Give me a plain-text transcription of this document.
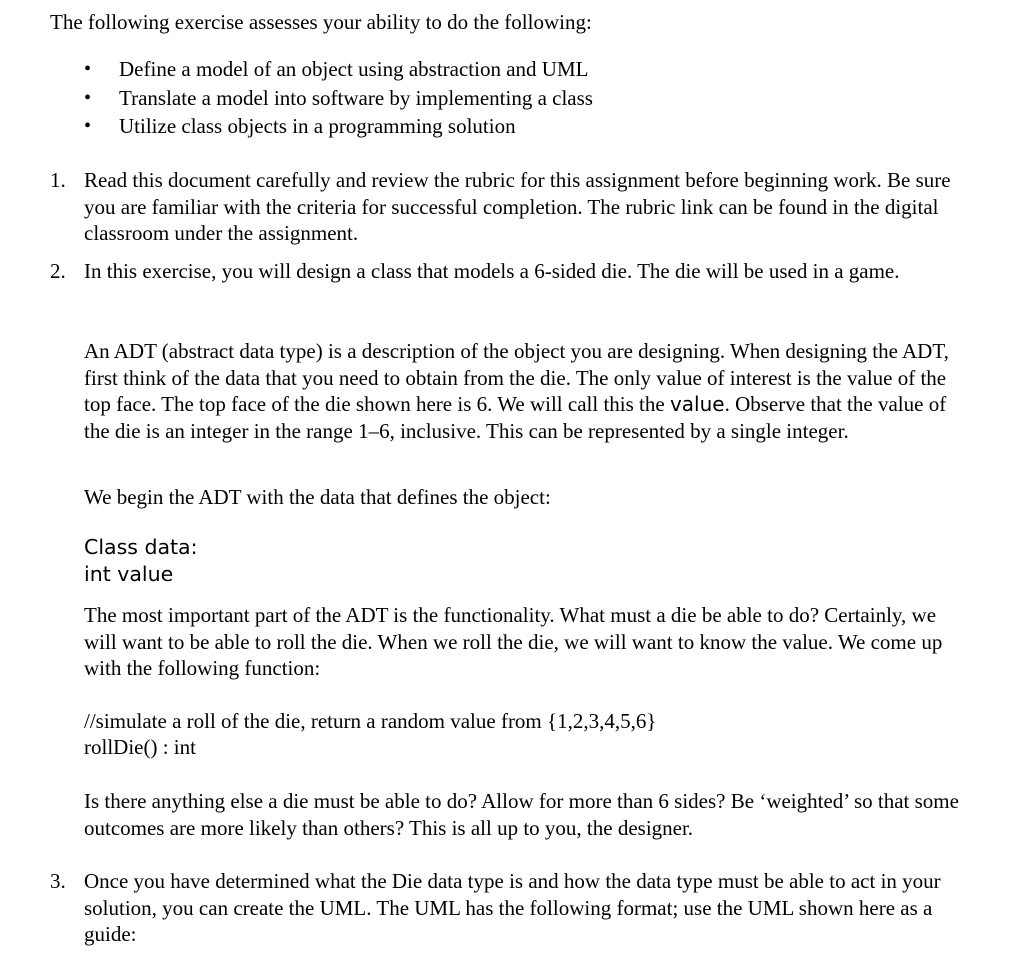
The following exercise assesses your ability to do the following:

• Define a model of an object using abstraction and UML
• Translate a model into software by implementing a class
• Utilize class objects in a programming solution
1. Read this document carefully and review the rubric for this assignment before beginning work. Be sure you are familiar with the criteria for successful completion. The rubric link can be found in the digital classroom under the assignment.

2. In this exercise, you will design a class that models a 6-sided die. The die will be used in a game.

An ADT (abstract data type) is a description of the object you are designing. When designing the ADT, first think of the data that you need to obtain from the die. The only value of interest is the value of the top face. The top face of the die shown here is 6. We will call this the value. Observe that the value of the die is an integer in the range 1–6, inclusive. This can be represented by a single integer.

We begin the ADT with the data that defines the object:

Class data:

int value

The most important part of the ADT is the functionality. What must a die be able to do? Certainly, we will want to be able to roll the die. When we roll the die, we will want to know the value. We come up with the following function:

//simulate a roll of the die, return a random value from {1,2,3,4,5,6}

rollDie() : int

Is there anything else a die must be able to do? Allow for more than 6 sides? Be ‘weighted’ so that some outcomes are more likely than others? This is all up to you, the designer.

3. Once you have determined what the Die data type is and how the data type must be able to act in your solution, you can create the UML. The UML has the following format; use the UML shown here as a guide:
